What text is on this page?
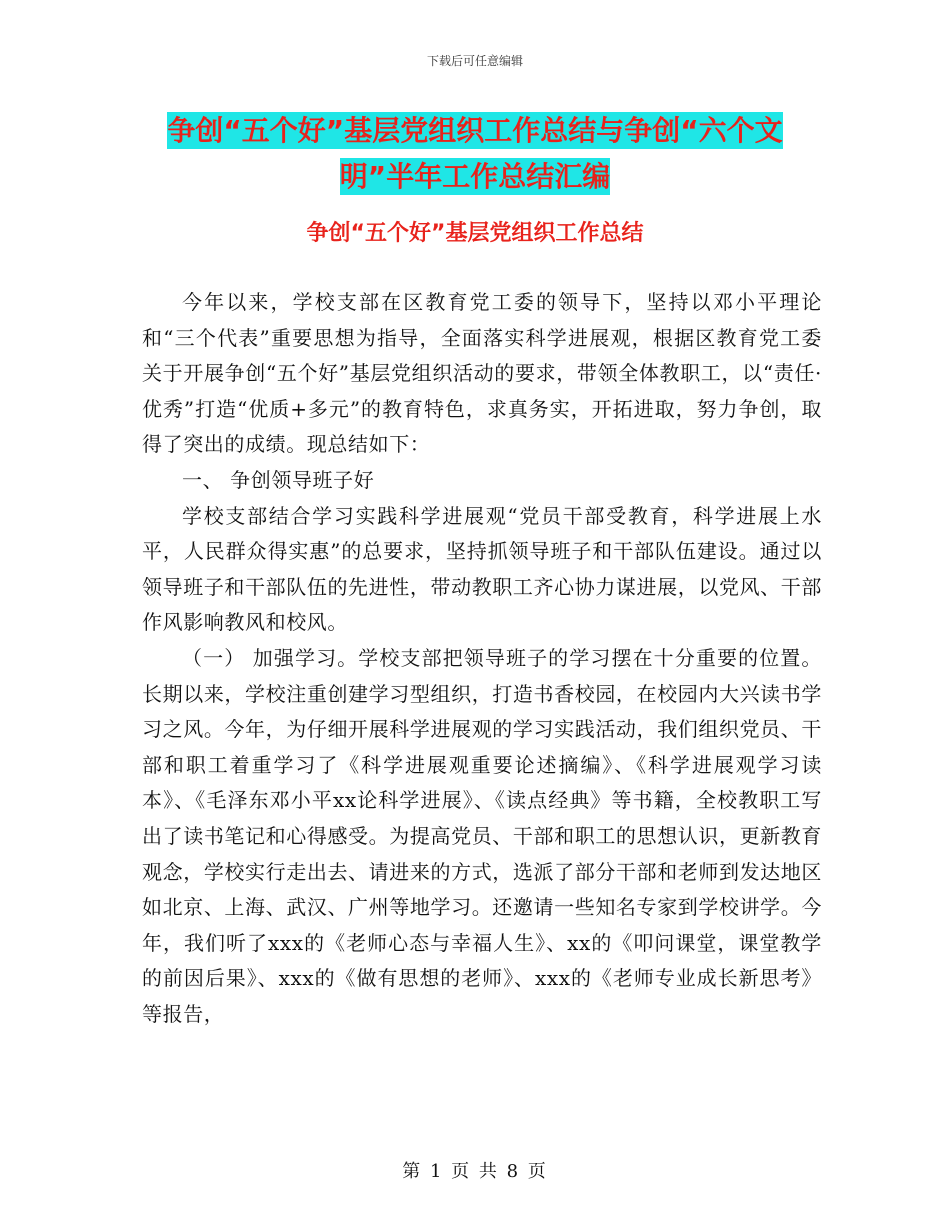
下载后可任意编辑
争创“五个好”基层党组织工作总结与争创“六个文明”半年工作总结汇编
争创“五个好”基层党组织工作总结

今年以来，学校支部在区教育党工委的领导下，坚持以邓小平理论和“三个代表”重要思想为指导，全面落实科学进展观，根据区教育党工委关于开展争创“五个好”基层党组织活动的要求，带领全体教职工，以“责任·优秀”打造“优质+多元”的教育特色，求真务实，开拓进取，努力争创，取得了突出的成绩。现总结如下：

一、 争创领导班子好

学校支部结合学习实践科学进展观“党员干部受教育，科学进展上水平，人民群众得实惠”的总要求，坚持抓领导班子和干部队伍建设。通过以领导班子和干部队伍的先进性，带动教职工齐心协力谋进展，以党风、干部作风影响教风和校风。

（一） 加强学习。学校支部把领导班子的学习摆在十分重要的位置。长期以来，学校注重创建学习型组织，打造书香校园，在校园内大兴读书学习之风。今年，为仔细开展科学进展观的学习实践活动，我们组织党员、干部和职工着重学习了《科学进展观重要论述摘编》、《科学进展观学习读本》、《毛泽东邓小平xx论科学进展》、《读点经典》等书籍，全校教职工写出了读书笔记和心得感受。为提高党员、干部和职工的思想认识，更新教育观念，学校实行走出去、请进来的方式，选派了部分干部和老师到发达地区如北京、上海、武汉、广州等地学习。还邀请一些知名专家到学校讲学。今年，我们听了xxx的《老师心态与幸福人生》、xx的《叩问课堂，课堂教学的前因后果》、xxx的《做有思想的老师》、xxx的《老师专业成长新思考》等报告，

第 1 页 共 8 页
